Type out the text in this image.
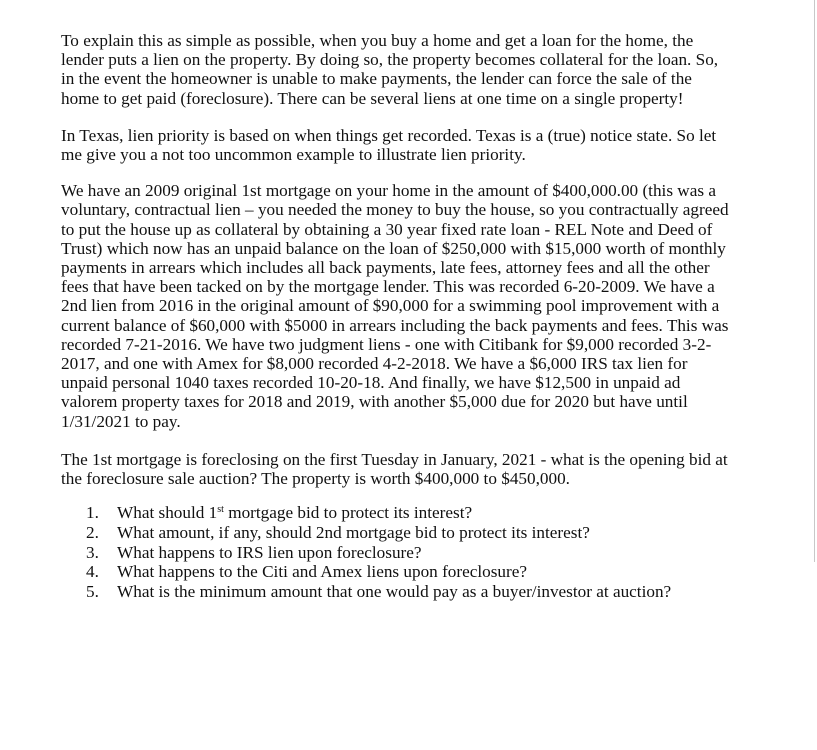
To explain this as simple as possible, when you buy a home and get a loan for the home, the
lender puts a lien on the property. By doing so, the property becomes collateral for the loan. So,
in the event the homeowner is unable to make payments, the lender can force the sale of the
home to get paid (foreclosure). There can be several liens at one time on a single property!

In Texas, lien priority is based on when things get recorded. Texas is a (true) notice state. So let
me give you a not too uncommon example to illustrate lien priority.

We have an 2009 original 1st mortgage on your home in the amount of $400,000.00 (this was a
voluntary, contractual lien – you needed the money to buy the house, so you contractually agreed
to put the house up as collateral by obtaining a 30 year fixed rate loan - REL Note and Deed of
Trust) which now has an unpaid balance on the loan of $250,000 with $15,000 worth of monthly
payments in arrears which includes all back payments, late fees, attorney fees and all the other
fees that have been tacked on by the mortgage lender. This was recorded 6-20-2009. We have a
2nd lien from 2016 in the original amount of $90,000 for a swimming pool improvement with a
current balance of $60,000 with $5000 in arrears including the back payments and fees. This was
recorded 7-21-2016. We have two judgment liens - one with Citibank for $9,000 recorded 3-2-
2017, and one with Amex for $8,000 recorded 4-2-2018. We have a $6,000 IRS tax lien for
unpaid personal 1040 taxes recorded 10-20-18. And finally, we have $12,500 in unpaid ad
valorem property taxes for 2018 and 2019, with another $5,000 due for 2020 but have until
1/31/2021 to pay.

The 1st mortgage is foreclosing on the first Tuesday in January, 2021 - what is the opening bid at
the foreclosure sale auction? The property is worth $400,000 to $450,000.

1. What should 1st mortgage bid to protect its interest?
2. What amount, if any, should 2nd mortgage bid to protect its interest?
3. What happens to IRS lien upon foreclosure?
4. What happens to the Citi and Amex liens upon foreclosure?
5. What is the minimum amount that one would pay as a buyer/investor at auction?
